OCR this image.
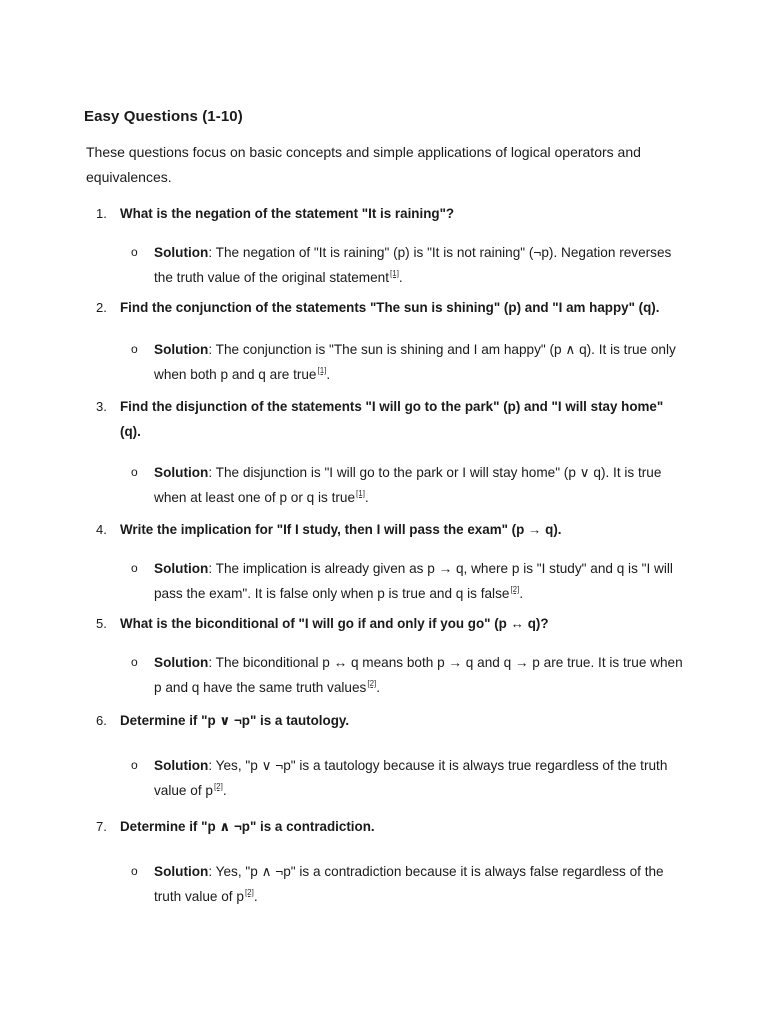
Easy Questions (1-10)
These questions focus on basic concepts and simple applications of logical operators and equivalences.
1. What is the negation of the statement "It is raining"?
o Solution: The negation of "It is raining" (p) is "It is not raining" (¬p). Negation reverses the truth value of the original statement[1].
2. Find the conjunction of the statements "The sun is shining" (p) and "I am happy" (q).
o Solution: The conjunction is "The sun is shining and I am happy" (p ∧ q). It is true only when both p and q are true[1].
3. Find the disjunction of the statements "I will go to the park" (p) and "I will stay home" (q).
o Solution: The disjunction is "I will go to the park or I will stay home" (p ∨ q). It is true when at least one of p or q is true[1].
4. Write the implication for "If I study, then I will pass the exam" (p → q).
o Solution: The implication is already given as p → q, where p is "I study" and q is "I will pass the exam". It is false only when p is true and q is false[2].
5. What is the biconditional of "I will go if and only if you go" (p ↔ q)?
o Solution: The biconditional p ↔ q means both p → q and q → p are true. It is true when p and q have the same truth values[2].
6. Determine if "p ∨ ¬p" is a tautology.
o Solution: Yes, "p ∨ ¬p" is a tautology because it is always true regardless of the truth value of p[2].
7. Determine if "p ∧ ¬p" is a contradiction.
o Solution: Yes, "p ∧ ¬p" is a contradiction because it is always false regardless of the truth value of p[2].
